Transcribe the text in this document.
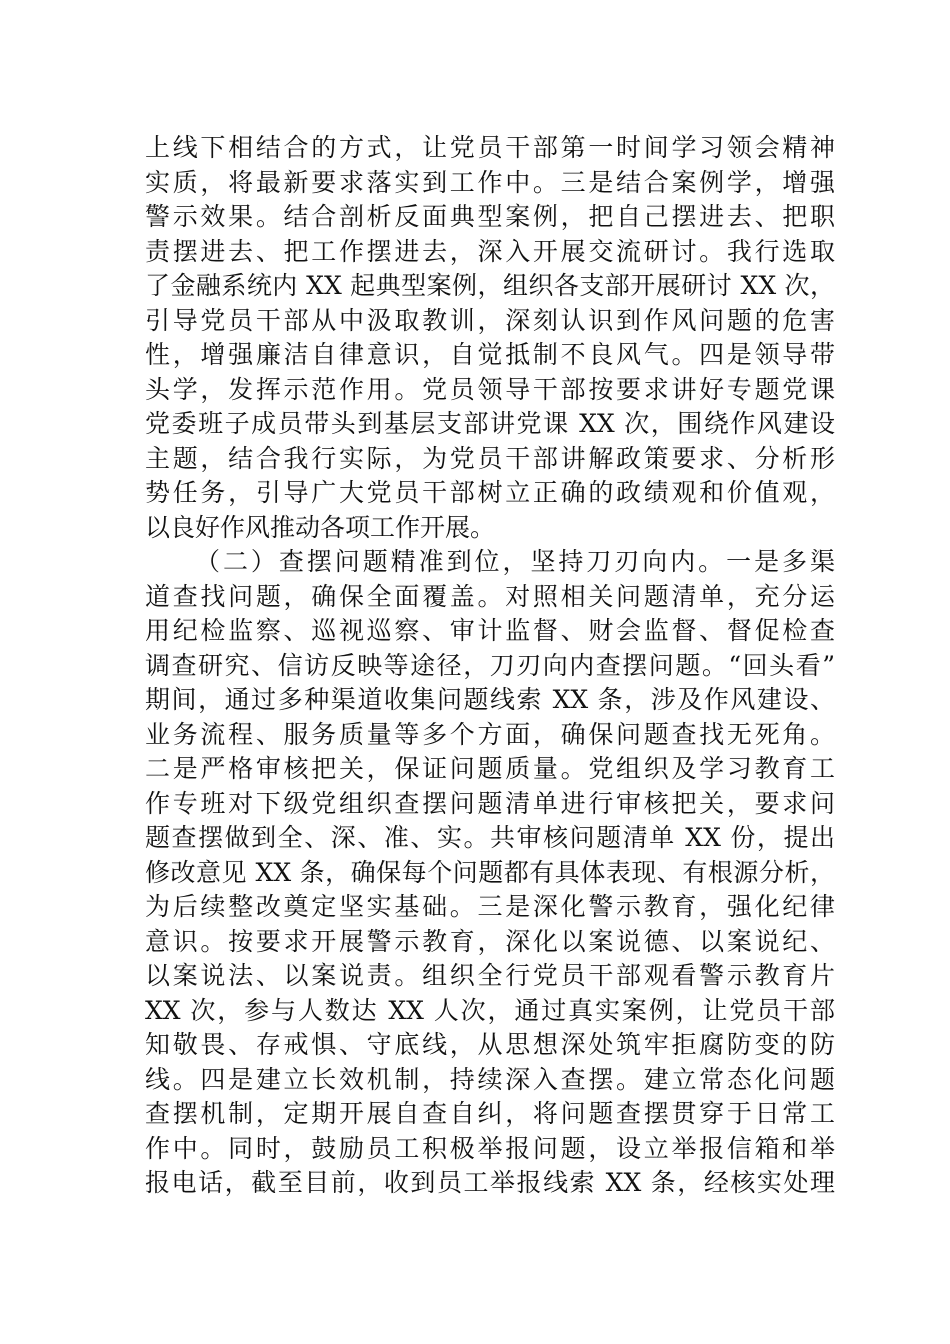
上线下相结合的方式，让党员干部第一时间学习领会精神
实质，将最新要求落实到工作中。三是结合案例学，增强
警示效果。结合剖析反面典型案例，把自己摆进去、把职
责摆进去、把工作摆进去，深入开展交流研讨。我行选取
了金融系统内 XX 起典型案例，组织各支部开展研讨 XX 次，
引导党员干部从中汲取教训，深刻认识到作风问题的危害
性，增强廉洁自律意识，自觉抵制不良风气。四是领导带
头学，发挥示范作用。党员领导干部按要求讲好专题党课
党委班子成员带头到基层支部讲党课 XX 次，围绕作风建设
主题，结合我行实际，为党员干部讲解政策要求、分析形
势任务，引导广大党员干部树立正确的政绩观和价值观，
以良好作风推动各项工作开展。
（二）查摆问题精准到位，坚持刀刃向内。一是多渠
道查找问题，确保全面覆盖。对照相关问题清单，充分运
用纪检监察、巡视巡察、审计监督、财会监督、督促检查
调查研究、信访反映等途径，刀刃向内查摆问题。“回头看”
期间，通过多种渠道收集问题线索 XX 条，涉及作风建设、
业务流程、服务质量等多个方面，确保问题查找无死角。
二是严格审核把关，保证问题质量。党组织及学习教育工
作专班对下级党组织查摆问题清单进行审核把关，要求问
题查摆做到全、深、准、实。共审核问题清单 XX 份，提出
修改意见 XX 条，确保每个问题都有具体表现、有根源分析，
为后续整改奠定坚实基础。三是深化警示教育，强化纪律
意识。按要求开展警示教育，深化以案说德、以案说纪、
以案说法、以案说责。组织全行党员干部观看警示教育片
XX 次，参与人数达 XX 人次，通过真实案例，让党员干部
知敬畏、存戒惧、守底线，从思想深处筑牢拒腐防变的防
线。四是建立长效机制，持续深入查摆。建立常态化问题
查摆机制，定期开展自查自纠，将问题查摆贯穿于日常工
作中。同时，鼓励员工积极举报问题，设立举报信箱和举
报电话，截至目前，收到员工举报线索 XX 条，经核实处理
